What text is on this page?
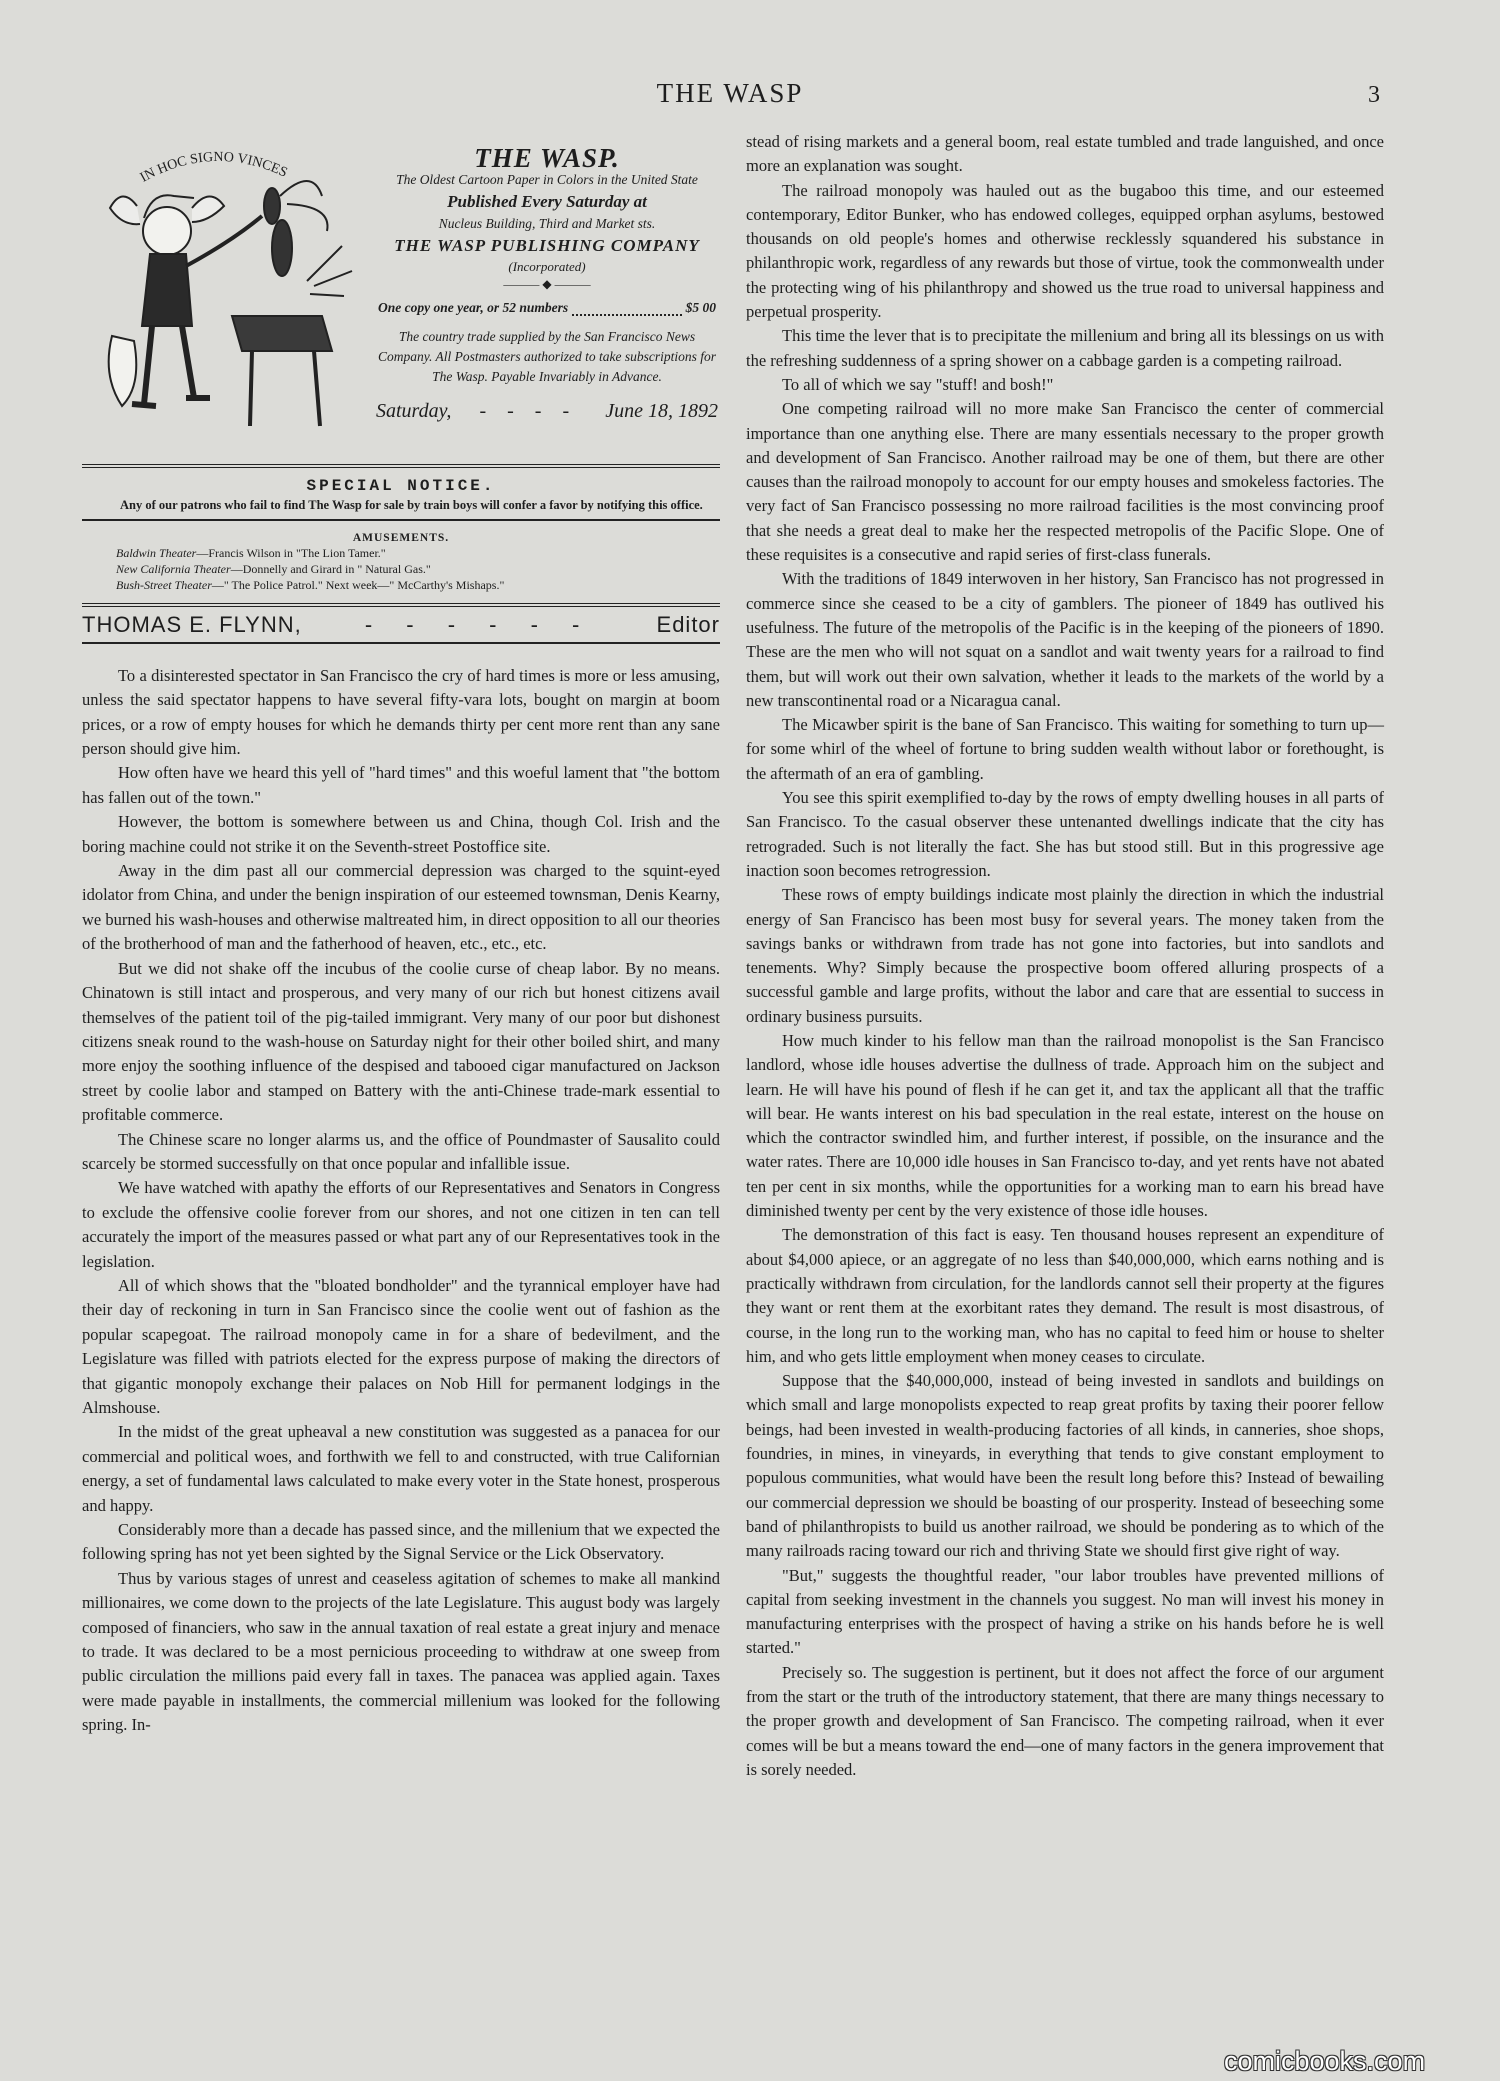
THE WASP	3
IN HOC SIGNO VINCES	THE WASP.
The Oldest Cartoon Paper in Colors in the United State
Published Every Saturday at
Nucleus Building, Third and Market sts.
THE WASP PUBLISHING COMPANY
(Incorporated)
——— ◆ ———
One copy one year, or 52 numbers	$5 00
The country trade supplied by the San Francisco News Company. All Postmasters authorized to take subscriptions for The Wasp. Payable Invariably in Advance.
Saturday,	- - - -	June 18, 1892
SPECIAL NOTICE.
Any of our patrons who fail to find The Wasp for sale by train boys will confer a favor by notifying this office.
AMUSEMENTS.
Baldwin Theater—Francis Wilson in "The Lion Tamer."
New California Theater—Donnelly and Girard in " Natural Gas."
Bush-Street Theater—" The Police Patrol." Next week—" McCarthy's Mishaps."
THOMAS E. FLYNN,	- - - - - -	Editor

To a disinterested spectator in San Francisco the cry of hard times is more or less amusing, unless the said spectator happens to have several fifty-vara lots, bought on margin at boom prices, or a row of empty houses for which he demands thirty per cent more rent than any sane person should give him.

How often have we heard this yell of "hard times" and this woeful lament that "the bottom has fallen out of the town."

However, the bottom is somewhere between us and China, though Col. Irish and the boring machine could not strike it on the Seventh-street Postoffice site.

Away in the dim past all our commercial depression was charged to the squint-eyed idolator from China, and under the benign inspiration of our esteemed townsman, Denis Kearny, we burned his wash-houses and otherwise maltreated him, in direct opposition to all our theories of the brotherhood of man and the fatherhood of heaven, etc., etc., etc.

But we did not shake off the incubus of the coolie curse of cheap labor. By no means. Chinatown is still intact and prosperous, and very many of our rich but honest citizens avail themselves of the patient toil of the pig-tailed immigrant. Very many of our poor but dishonest citizens sneak round to the wash-house on Saturday night for their other boiled shirt, and many more enjoy the soothing influence of the despised and tabooed cigar manufactured on Jackson street by coolie labor and stamped on Battery with the anti-Chinese trade-mark essential to profitable commerce.

The Chinese scare no longer alarms us, and the office of Poundmaster of Sausalito could scarcely be stormed successfully on that once popular and infallible issue.

We have watched with apathy the efforts of our Representatives and Senators in Congress to exclude the offensive coolie forever from our shores, and not one citizen in ten can tell accurately the import of the measures passed or what part any of our Representatives took in the legislation.

All of which shows that the "bloated bondholder" and the tyrannical employer have had their day of reckoning in turn in San Francisco since the coolie went out of fashion as the popular scapegoat. The railroad monopoly came in for a share of bedevilment, and the Legislature was filled with patriots elected for the express purpose of making the directors of that gigantic monopoly exchange their palaces on Nob Hill for permanent lodgings in the Almshouse.

In the midst of the great upheaval a new constitution was suggested as a panacea for our commercial and political woes, and forthwith we fell to and constructed, with true Californian energy, a set of fundamental laws calculated to make every voter in the State honest, prosperous and happy.

Considerably more than a decade has passed since, and the millenium that we expected the following spring has not yet been sighted by the Signal Service or the Lick Observatory.

Thus by various stages of unrest and ceaseless agitation of schemes to make all mankind millionaires, we come down to the projects of the late Legislature. This august body was largely composed of financiers, who saw in the annual taxation of real estate a great injury and menace to trade. It was declared to be a most pernicious proceeding to withdraw at one sweep from public circulation the millions paid every fall in taxes. The panacea was applied again. Taxes were made payable in installments, the commercial millenium was looked for the following spring. In-

stead of rising markets and a general boom, real estate tumbled and trade languished, and once more an explanation was sought.

The railroad monopoly was hauled out as the bugaboo this time, and our esteemed contemporary, Editor Bunker, who has endowed colleges, equipped orphan asylums, bestowed thousands on old people's homes and otherwise recklessly squandered his substance in philanthropic work, regardless of any rewards but those of virtue, took the commonwealth under the protecting wing of his philanthropy and showed us the true road to universal happiness and perpetual prosperity.

This time the lever that is to precipitate the millenium and bring all its blessings on us with the refreshing suddenness of a spring shower on a cabbage garden is a competing railroad.

To all of which we say "stuff! and bosh!"

One competing railroad will no more make San Francisco the center of commercial importance than one anything else. There are many essentials necessary to the proper growth and development of San Francisco. Another railroad may be one of them, but there are other causes than the railroad monopoly to account for our empty houses and smokeless factories. The very fact of San Francisco possessing no more railroad facilities is the most convincing proof that she needs a great deal to make her the respected metropolis of the Pacific Slope. One of these requisites is a consecutive and rapid series of first-class funerals.

With the traditions of 1849 interwoven in her history, San Francisco has not progressed in commerce since she ceased to be a city of gamblers. The pioneer of 1849 has outlived his usefulness. The future of the metropolis of the Pacific is in the keeping of the pioneers of 1890. These are the men who will not squat on a sandlot and wait twenty years for a railroad to find them, but will work out their own salvation, whether it leads to the markets of the world by a new transcontinental road or a Nicaragua canal.

The Micawber spirit is the bane of San Francisco. This waiting for something to turn up—for some whirl of the wheel of fortune to bring sudden wealth without labor or forethought, is the aftermath of an era of gambling.

You see this spirit exemplified to-day by the rows of empty dwelling houses in all parts of San Francisco. To the casual observer these untenanted dwellings indicate that the city has retrograded. Such is not literally the fact. She has but stood still. But in this progressive age inaction soon becomes retrogression.

These rows of empty buildings indicate most plainly the direction in which the industrial energy of San Francisco has been most busy for several years. The money taken from the savings banks or withdrawn from trade has not gone into factories, but into sandlots and tenements. Why? Simply because the prospective boom offered alluring prospects of a successful gamble and large profits, without the labor and care that are essential to success in ordinary business pursuits.

How much kinder to his fellow man than the railroad monopolist is the San Francisco landlord, whose idle houses advertise the dullness of trade. Approach him on the subject and learn. He will have his pound of flesh if he can get it, and tax the applicant all that the traffic will bear. He wants interest on his bad speculation in the real estate, interest on the house on which the contractor swindled him, and further interest, if possible, on the insurance and the water rates. There are 10,000 idle houses in San Francisco to-day, and yet rents have not abated ten per cent in six months, while the opportunities for a working man to earn his bread have diminished twenty per cent by the very existence of those idle houses.

The demonstration of this fact is easy. Ten thousand houses represent an expenditure of about $4,000 apiece, or an aggregate of no less than $40,000,000, which earns nothing and is practically withdrawn from circulation, for the landlords cannot sell their property at the figures they want or rent them at the exorbitant rates they demand. The result is most disastrous, of course, in the long run to the working man, who has no capital to feed him or house to shelter him, and who gets little employment when money ceases to circulate.

Suppose that the $40,000,000, instead of being invested in sandlots and buildings on which small and large monopolists expected to reap great profits by taxing their poorer fellow beings, had been invested in wealth-producing factories of all kinds, in canneries, shoe shops, foundries, in mines, in vineyards, in everything that tends to give constant employment to populous communities, what would have been the result long before this? Instead of bewailing our commercial depression we should be boasting of our prosperity. Instead of beseeching some band of philanthropists to build us another railroad, we should be pondering as to which of the many railroads racing toward our rich and thriving State we should first give right of way.

"But," suggests the thoughtful reader, "our labor troubles have prevented millions of capital from seeking investment in the channels you suggest. No man will invest his money in manufacturing enterprises with the prospect of having a strike on his hands before he is well started."

Precisely so. The suggestion is pertinent, but it does not affect the force of our argument from the start or the truth of the introductory statement, that there are many things necessary to the proper growth and development of San Francisco. The competing railroad, when it ever comes will be but a means toward the end—one of many factors in the genera improvement that is sorely needed.

comicbooks.com
